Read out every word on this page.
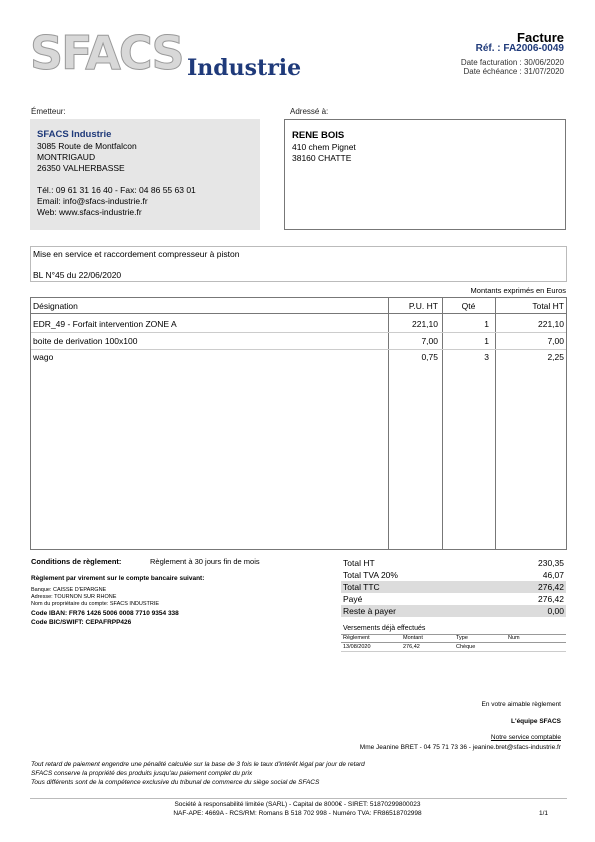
SFACS Industrie
Facture
Réf. : FA2006-0049
Date facturation : 30/06/2020
Date échéance : 31/07/2020
Émetteur:
SFACS Industrie
3085 Route de Montfalcon
MONTRIGAUD
26350 VALHERBASSE
Tél.: 09 61 31 16 40 - Fax: 04 86 55 63 01
Email: info@sfacs-industrie.fr
Web: www.sfacs-industrie.fr
Adressé à:
RENE BOIS
410 chem Pignet
38160 CHATTE
Mise en service et raccordement compresseur à piston
BL N°45 du 22/06/2020
Montants exprimés en Euros
Désignation	P.U. HT	Qté	Total HT
EDR_49 - Forfait intervention ZONE A	221,10	1	221,10
boite de derivation 100x100	7,00	1	7,00
wago	0,75	3	2,25
Conditions de règlement:	Règlement à 30 jours fin de mois
Règlement par virement sur le compte bancaire suivant:
Banque: CAISSE D'EPARGNE
Adresse: TOURNON SUR RHONE
Nom du propriétaire du compte: SFACS INDUSTRIE
Code IBAN: FR76 1426 5006 0008 7710 9354 338
Code BIC/SWIFT: CEPAFRPP426
Total HT	230,35
Total TVA 20%	46,07
Total TTC	276,42
Payé	276,42
Reste à payer	0,00
Versements déjà effectués
Règlement	Montant	Type	Num
13/08/2020	276,42	Chèque
En votre aimable règlement
L'équipe SFACS
Notre service comptable
Mme Jeanine BRET - 04 75 71 73 36 - jeanine.bret@sfacs-industrie.fr
Tout retard de paiement engendre une pénalité calculée sur la base de 3 fois le taux d'intérêt légal par jour de retard
SFACS conserve la propriété des produits jusqu'au paiement complet du prix
Tous différents sont de la compétence exclusive du tribunal de commerce du siège social de SFACS
Société à responsabilité limitée (SARL) - Capital de 8000€ - SIRET: 51870299800023
NAF-APE: 4669A - RCS/RM: Romans B 518 702 998 - Numéro TVA: FR86518702998	1/1
